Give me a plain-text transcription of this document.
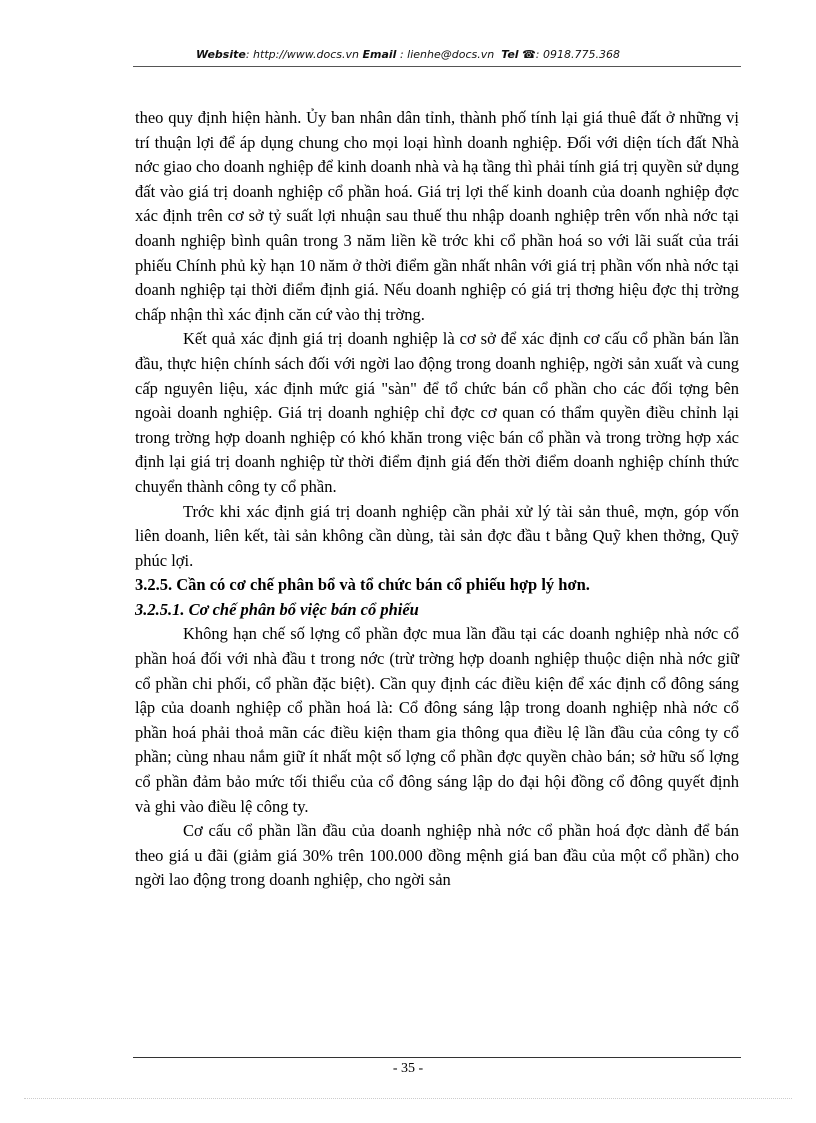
Website: http://www.docs.vn Email : lienhe@docs.vn Tel ☎: 0918.775.368

theo quy định hiện hành. Ủy ban nhân dân tỉnh, thành phố tính lại giá thuê đất ở những vị trí thuận lợi để áp dụng chung cho mọi loại hình doanh nghiệp. Đối với diện tích đất Nhà nớc giao cho doanh nghiệp để kinh doanh nhà và hạ tầng thì phải tính giá trị quyền sử dụng đất vào giá trị doanh nghiệp cổ phần hoá. Giá trị lợi thế kinh doanh của doanh nghiệp đợc xác định trên cơ sở tỷ suất lợi nhuận sau thuế thu nhập doanh nghiệp trên vốn nhà nớc tại doanh nghiệp bình quân trong 3 năm liền kề trớc khi cổ phần hoá so với lãi suất của trái phiếu Chính phủ kỳ hạn 10 năm ở thời điểm gần nhất nhân với giá trị phần vốn nhà nớc tại doanh nghiệp tại thời điểm định giá. Nếu doanh nghiệp có giá trị thơng hiệu đợc thị trờng chấp nhận thì xác định căn cứ vào thị trờng.

Kết quả xác định giá trị doanh nghiệp là cơ sở để xác định cơ cấu cổ phần bán lần đầu, thực hiện chính sách đối với ngời lao động trong doanh nghiệp, ngời sản xuất và cung cấp nguyên liệu, xác định mức giá "sàn" để tổ chức bán cổ phần cho các đối tợng bên ngoài doanh nghiệp. Giá trị doanh nghiệp chỉ đợc cơ quan có thẩm quyền điều chỉnh lại trong trờng hợp doanh nghiệp có khó khăn trong việc bán cổ phần và trong trờng hợp xác định lại giá trị doanh nghiệp từ thời điểm định giá đến thời điểm doanh nghiệp chính thức chuyển thành công ty cổ phần.

Trớc khi xác định giá trị doanh nghiệp cần phải xử lý tài sản thuê, mợn, góp vốn liên doanh, liên kết, tài sản không cần dùng, tài sản đợc đầu t bằng Quỹ khen thởng, Quỹ phúc lợi.

3.2.5. Cần có cơ chế phân bổ và tổ chức bán cổ phiếu hợp lý hơn.
3.2.5.1. Cơ chế phân bổ việc bán cổ phiếu

Không hạn chế số lợng cổ phần đợc mua lần đầu tại các doanh nghiệp nhà nớc cổ phần hoá đối với nhà đầu t trong nớc (trừ trờng hợp doanh nghiệp thuộc diện nhà nớc giữ cổ phần chi phối, cổ phần đặc biệt). Cần quy định các điều kiện để xác định cổ đông sáng lập của doanh nghiệp cổ phần hoá là: Cổ đông sáng lập trong doanh nghiệp nhà nớc cổ phần hoá phải thoả mãn các điều kiện tham gia thông qua điều lệ lần đầu của công ty cổ phần; cùng nhau nắm giữ ít nhất một số lợng cổ phần đợc quyền chào bán; sở hữu số lợng cổ phần đảm bảo mức tối thiểu của cổ đông sáng lập do đại hội đồng cổ đông quyết định và ghi vào điều lệ công ty.

Cơ cấu cổ phần lần đầu của doanh nghiệp nhà nớc cổ phần hoá đợc dành để bán theo giá u đãi (giảm giá 30% trên 100.000 đồng mệnh giá ban đầu của một cổ phần) cho ngời lao động trong doanh nghiệp, cho ngời sản

- 35 -
